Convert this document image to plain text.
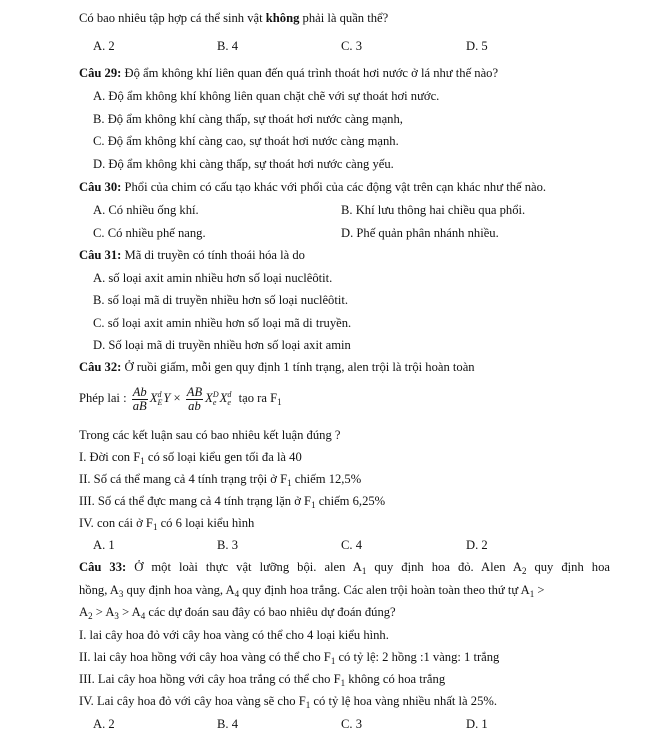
Có bao nhiêu tập hợp cá thể sinh vật không phải là quần thể?
A. 2	B. 4	C. 3	D. 5
Câu 29: Độ ẩm không khí liên quan đến quá trình thoát hơi nước ở lá như thế nào?
A. Độ ẩm không khí không liên quan chặt chẽ với sự thoát hơi nước.
B. Độ ẩm không khí càng thấp, sự thoát hơi nước càng mạnh,
C. Độ ẩm không khí càng cao, sự thoát hơi nước càng mạnh.
D. Độ ẩm không khi càng thấp, sự thoát hơi nước càng yếu.
Câu 30: Phổi của chim có cấu tạo khác với phổi của các động vật trên cạn khác như thế nào.
A. Có nhiều ống khí.	B. Khí lưu thông hai chiều qua phổi.
C. Có nhiều phế nang.	D. Phế quản phân nhánh nhiều.
Câu 31: Mã di truyền có tính thoái hóa là do
A. số loại axit amin nhiều hơn số loại nuclêôtit.
B. số loại mã di truyền nhiều hơn số loại nuclêôtit.
C. số loại axit amin nhiều hơn số loại mã di truyền.
D. Số loại mã di truyền nhiều hơn số loại axit amin
Câu 32: Ở ruồi giấm, mỗi gen quy định 1 tính trạng, alen trội là trội hoàn toàn
Phép lai : $\frac{Ab}{aB}$ X d
E $Y \times \frac{AB}{ab}$ X D
e X d
e tạo ra $F_1$
Trong các kết luận sau có bao nhiêu kết luận đúng ?
I. Đời con $F_1$ có số loại kiểu gen tối đa là 40
II. Số cá thể mang cả 4 tính trạng trội ở $F_1$ chiếm 12,5%
III. Số cá thể đực mang cả 4 tính trạng lặn ở $F_1$ chiếm 6,25%
IV. con cái ở $F_1$ có 6 loại kiểu hình
A. 1	B. 3	C. 4	D. 2
Câu 33: Ở một loài thực vật lưỡng bội. alen $A_1$ quy định hoa đỏ. Alen $A_2$ quy định hoa
hồng, $A_3$ quy định hoa vàng, $A_4$ quy định hoa trắng. Các alen trội hoàn toàn theo thứ tự $A_1$ >
$A_2 > A_3 > A_4$ các dự đoán sau đây có bao nhiêu dự đoán đúng?
I. lai cây hoa đỏ với cây hoa vàng có thể cho 4 loại kiểu hình.
II. lai cây hoa hồng với cây hoa vàng có thể cho $F_1$ có tỷ lệ: 2 hồng :1 vàng: 1 trắng
III. Lai cây hoa hồng với cây hoa trắng có thể cho $F_1$ không có hoa trắng
IV. Lai cây hoa đỏ với cây hoa vàng sẽ cho $F_1$ có tỷ lệ hoa vàng nhiều nhất là 25%.
A. 2	B. 4	C. 3	D. 1
